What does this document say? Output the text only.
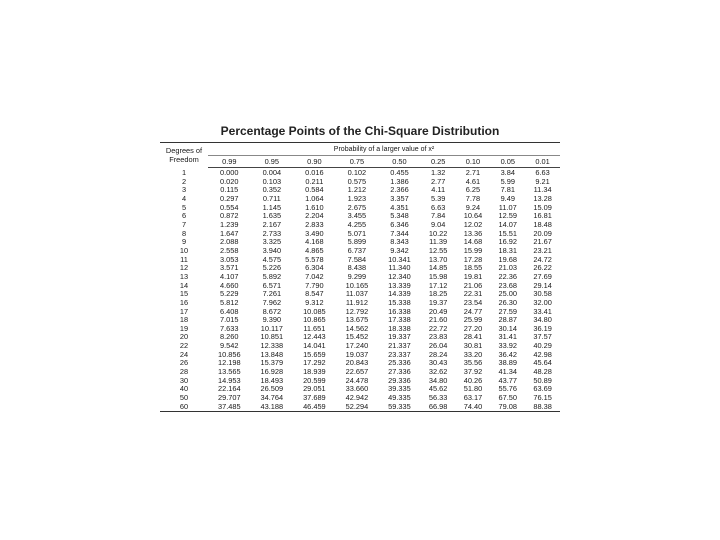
Percentage Points of the Chi-Square Distribution
Degrees of Freedom	Probability of a larger value of x²								
	0.99	0.95	0.90	0.75	0.50	0.25	0.10	0.05	0.01
1	0.000	0.004	0.016	0.102	0.455	1.32	2.71	3.84	6.63
2	0.020	0.103	0.211	0.575	1.386	2.77	4.61	5.99	9.21
3	0.115	0.352	0.584	1.212	2.366	4.11	6.25	7.81	11.34
4	0.297	0.711	1.064	1.923	3.357	5.39	7.78	9.49	13.28
5	0.554	1.145	1.610	2.675	4.351	6.63	9.24	11.07	15.09
6	0.872	1.635	2.204	3.455	5.348	7.84	10.64	12.59	16.81
7	1.239	2.167	2.833	4.255	6.346	9.04	12.02	14.07	18.48
8	1.647	2.733	3.490	5.071	7.344	10.22	13.36	15.51	20.09
9	2.088	3.325	4.168	5.899	8.343	11.39	14.68	16.92	21.67
10	2.558	3.940	4.865	6.737	9.342	12.55	15.99	18.31	23.21
11	3.053	4.575	5.578	7.584	10.341	13.70	17.28	19.68	24.72
12	3.571	5.226	6.304	8.438	11.340	14.85	18.55	21.03	26.22
13	4.107	5.892	7.042	9.299	12.340	15.98	19.81	22.36	27.69
14	4.660	6.571	7.790	10.165	13.339	17.12	21.06	23.68	29.14
15	5.229	7.261	8.547	11.037	14.339	18.25	22.31	25.00	30.58
16	5.812	7.962	9.312	11.912	15.338	19.37	23.54	26.30	32.00
17	6.408	8.672	10.085	12.792	16.338	20.49	24.77	27.59	33.41
18	7.015	9.390	10.865	13.675	17.338	21.60	25.99	28.87	34.80
19	7.633	10.117	11.651	14.562	18.338	22.72	27.20	30.14	36.19
20	8.260	10.851	12.443	15.452	19.337	23.83	28.41	31.41	37.57
22	9.542	12.338	14.041	17.240	21.337	26.04	30.81	33.92	40.29
24	10.856	13.848	15.659	19.037	23.337	28.24	33.20	36.42	42.98
26	12.198	15.379	17.292	20.843	25.336	30.43	35.56	38.89	45.64
28	13.565	16.928	18.939	22.657	27.336	32.62	37.92	41.34	48.28
30	14.953	18.493	20.599	24.478	29.336	34.80	40.26	43.77	50.89
40	22.164	26.509	29.051	33.660	39.335	45.62	51.80	55.76	63.69
50	29.707	34.764	37.689	42.942	49.335	56.33	63.17	67.50	76.15
60	37.485	43.188	46.459	52.294	59.335	66.98	74.40	79.08	88.38
